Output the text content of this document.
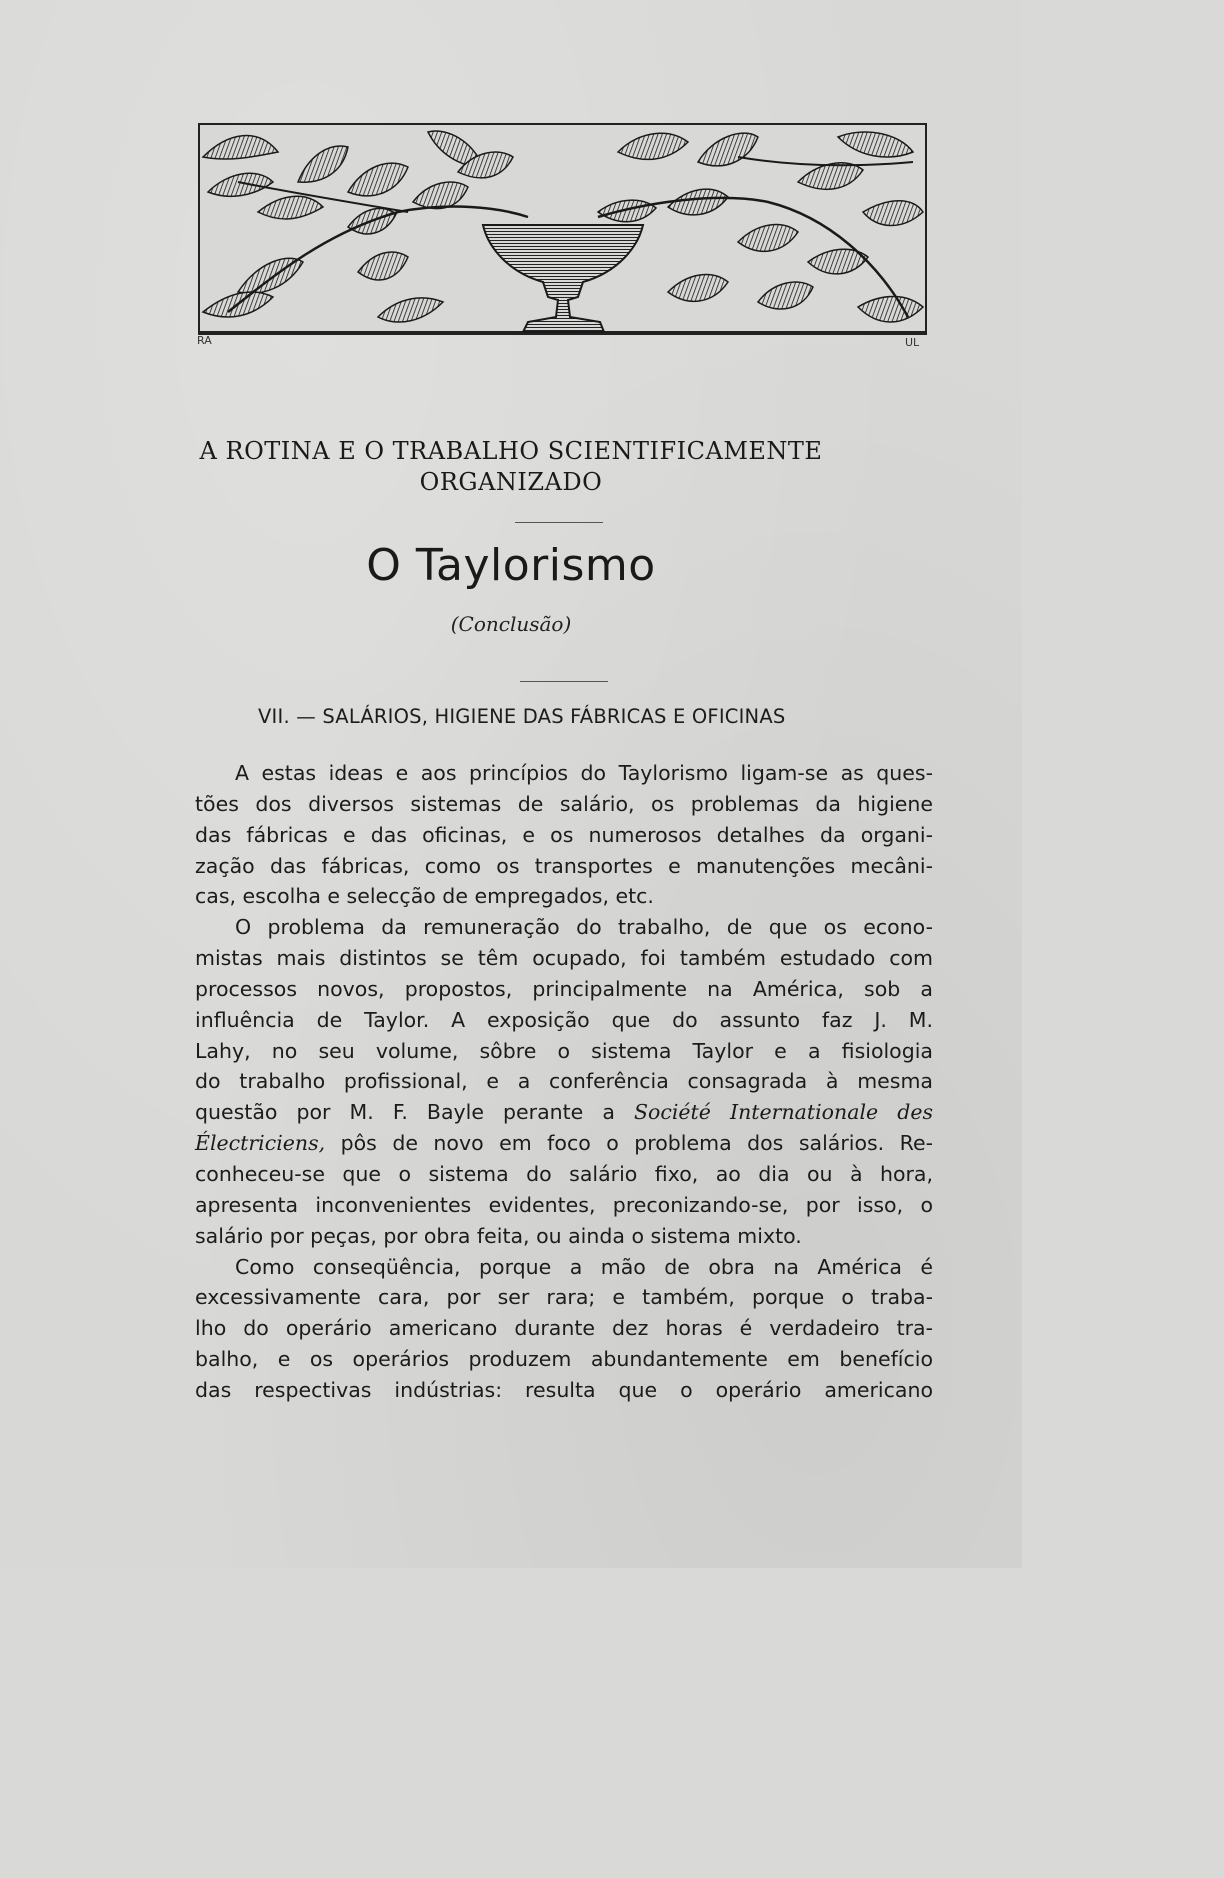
RA	UL
A ROTINA E O TRABALHO SCIENTIFICAMENTE
ORGANIZADO
O Taylorismo
(Conclusão)
VII. — SALÁRIOS, HIGIENE DAS FÁBRICAS E OFICINAS
A estas ideas e aos princípios do Taylorismo ligam-se as ques-
tões dos diversos sistemas de salário, os problemas da higiene
das fábricas e das oficinas, e os numerosos detalhes da organi-
zação das fábricas, como os transportes e manutenções mecâni-
cas, escolha e selecção de empregados, etc.
O problema da remuneração do trabalho, de que os econo-
mistas mais distintos se têm ocupado, foi também estudado com
processos novos, propostos, principalmente na América, sob a
influência de Taylor. A exposição que do assunto faz J. M.
Lahy, no seu volume, sôbre o sistema Taylor e a fisiologia
do trabalho profissional, e a conferência consagrada à mesma
questão por M. F. Bayle perante a Société Internationale des
Électriciens, pôs de novo em foco o problema dos salários. Re-
conheceu-se que o sistema do salário fixo, ao dia ou à hora,
apresenta inconvenientes evidentes, preconizando-se, por isso, o
salário por peças, por obra feita, ou ainda o sistema mixto.
Como conseqüência, porque a mão de obra na América é
excessivamente cara, por ser rara; e também, porque o traba-
lho do operário americano durante dez horas é verdadeiro tra-
balho, e os operários produzem abundantemente em benefício
das respectivas indústrias: resulta que o operário americano
